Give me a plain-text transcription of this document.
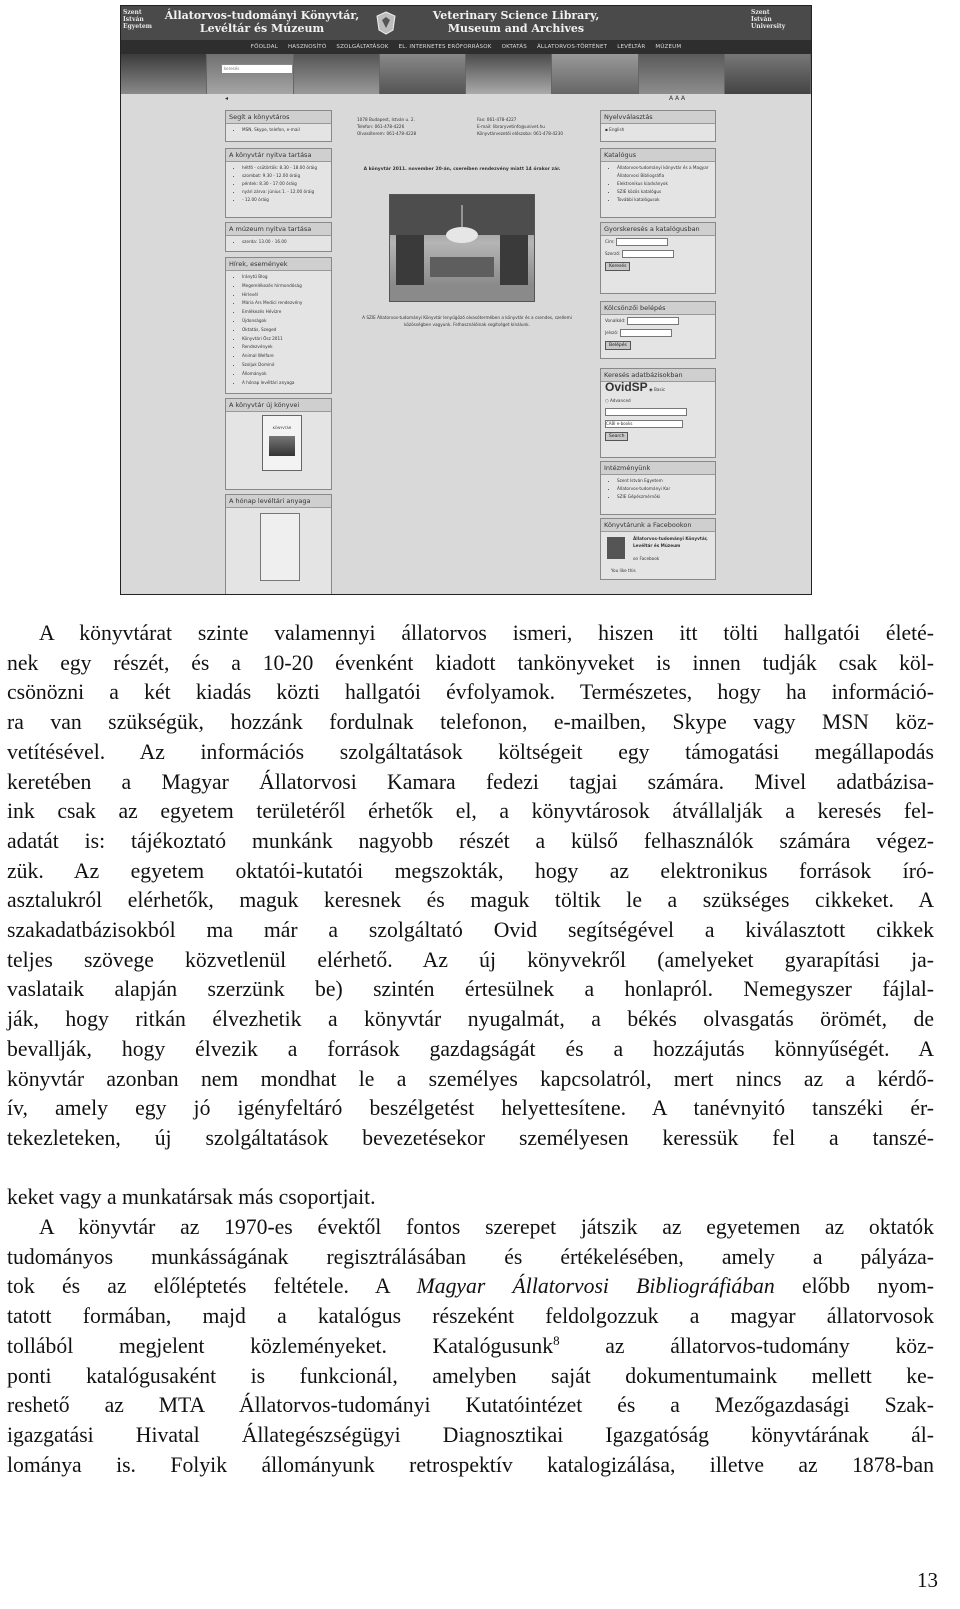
Szent
István
Egyetem
Állatorvos-tudományi Könyvtár,
Levéltár és Múzeum
Veterinary Science Library,
Museum and Archives
Szent
István
University
FŐOLDAL HASZNOSÍTÓ SZOLGÁLTATÁSOK EL. INTERNETES ERŐFORRÁSOK OKTATÁS ÁLLATORVOS-TÖRTÉNET LEVÉLTÁR MÚZEUM
keresés
◂	A A A
Segít a könyvtáros
• MSN, Skype, telefon, e-mail
A könyvtár nyitva tartása
• hétfő - csütörtök: 8.30 - 18.00 óráig
• szombat: 9.30 - 12.00 óráig
• péntek: 8.30 - 17.00 óráig
• nyári zárva: június 1. - 12.00 óráig
• - 12.00 óráig
A múzeum nyitva tartása
• szerda: 13.00 - 16.00
Hírek, események
• Iránytű Blog
• Megemlékezés hírmondóság
• Hírlevél
• Mária Ars Medici rendezvény
• Emlékezés Hévízre
• Újdonságok
• Oktatás, Szeged
• Könyvtári Ősz 2011
• Rendezvények
• Animal Welfare
• Szoljuk Dominó
• Állományok
• A hónap levéltári anyaga
A könyvtár új könyvei
KÖNYVTÁR
A hónap levéltári anyaga
1078 Budapest, István u. 2.
Telefon: 061-478-4226
Olvasóterem: 061-478-4228
Fax: 061-478-4227
E-mail: libraryvetinfo@univet.hu
Könyvtárvezetői előszoba: 061-478-4230
A könyvtár 2011. november 20-án, csereiben rendezvény miatt 14 órakor zár.
A SZIE Állatorvos-tudományi Könyvtár lenyűgöző olvasótermében a könyvtár és a csendes, szellemi közösségben vagyunk. Felhasználóinak segítséget kínálunk.
Nyelvválasztás
▪ English
Katalógus
• Állatorvos-tudományi könyvtár és a Magyar Állatorvosi Bibliográfia
• Elektronikus kiadványok
• SZIE közös katalógus
• További katalógusok
Gyorskeresés a katalógusban
Cím:
Szerző:
Keresés
Kölcsönzői belépés
Vonalkód:
Jelszó:
Belépés
Keresés adatbázisokban
OvidSP ◉ Basic
○ Advanced
CABI e-books
Search
Intézményünk
• Szent István Egyetem
• Állatorvos-tudományi Kar
• SZIE Gépészmérnöki
Könyvtárunk a Facebookon
Állatorvos-tudományi Könyvtár, Levéltár és Múzeum
on Facebook
You like this
A könyvtárat szinte valamennyi állatorvos ismeri, hiszen itt tölti hallgatói életé-
nek egy részét, és a 10-20 évenként kiadott tankönyveket is innen tudják csak köl-
csönözni a két kiadás közti hallgatói évfolyamok. Természetes, hogy ha információ-
ra van szükségük, hozzánk fordulnak telefonon, e-mailben, Skype vagy MSN köz-
vetítésével. Az információs szolgáltatások költségeit egy támogatási megállapodás
keretében a Magyar Állatorvosi Kamara fedezi tagjai számára. Mivel adatbázisa-
ink csak az egyetem területéről érhetők el, a könyvtárosok átvállalják a keresés fel-
adatát is: tájékoztató munkánk nagyobb részét a külső felhasználók számára végez-
zük. Az egyetem oktatói-kutatói megszokták, hogy az elektronikus források író-
asztalukról elérhetők, maguk keresnek és maguk töltik le a szükséges cikkeket. A
szakadatbázisokból ma már a szolgáltató Ovid segítségével a kiválasztott cikkek
teljes szövege közvetlenül elérhető. Az új könyvekről (amelyeket gyarapítási ja-
vaslataik alapján szerzünk be) szintén értesülnek a honlapról. Nemegyszer fájlal-
ják, hogy ritkán élvezhetik a könyvtár nyugalmát, a békés olvasgatás örömét, de
bevallják, hogy élvezik a források gazdagságát és a hozzájutás könnyűségét. A
könyvtár azonban nem mondhat le a személyes kapcsolatról, mert nincs az a kérdő-
ív, amely egy jó igényfeltáró beszélgetést helyettesítene. A tanévnyitó tanszéki ér-
tekezleteken, új szolgáltatások bevezetésekor személyesen keressük fel a tanszé-
keket vagy a munkatársak más csoportjait.
A könyvtár az 1970-es évektől fontos szerepet játszik az egyetemen az oktatók
tudományos munkásságának regisztrálásában és értékelésében, amely a pályáza-
tok és az előléptetés feltétele. A Magyar Állatorvosi Bibliográfiában előbb nyom-
tatott formában, majd a katalógus részeként feldolgozzuk a magyar állatorvosok
tollából megjelent közleményeket. Katalógusunk$^8$ az állatorvos-tudomány köz-
ponti katalógusaként is funkcionál, amelyben saját dokumentumaink mellett ke-
reshető az MTA Állatorvos-tudományi Kutatóintézet és a Mezőgazdasági Szak-
igazgatási Hivatal Állategészségügyi Diagnosztikai Igazgatóság könyvtárának ál-
lománya is. Folyik állományunk retrospektív katalogizálása, illetve az 1878-ban
13
